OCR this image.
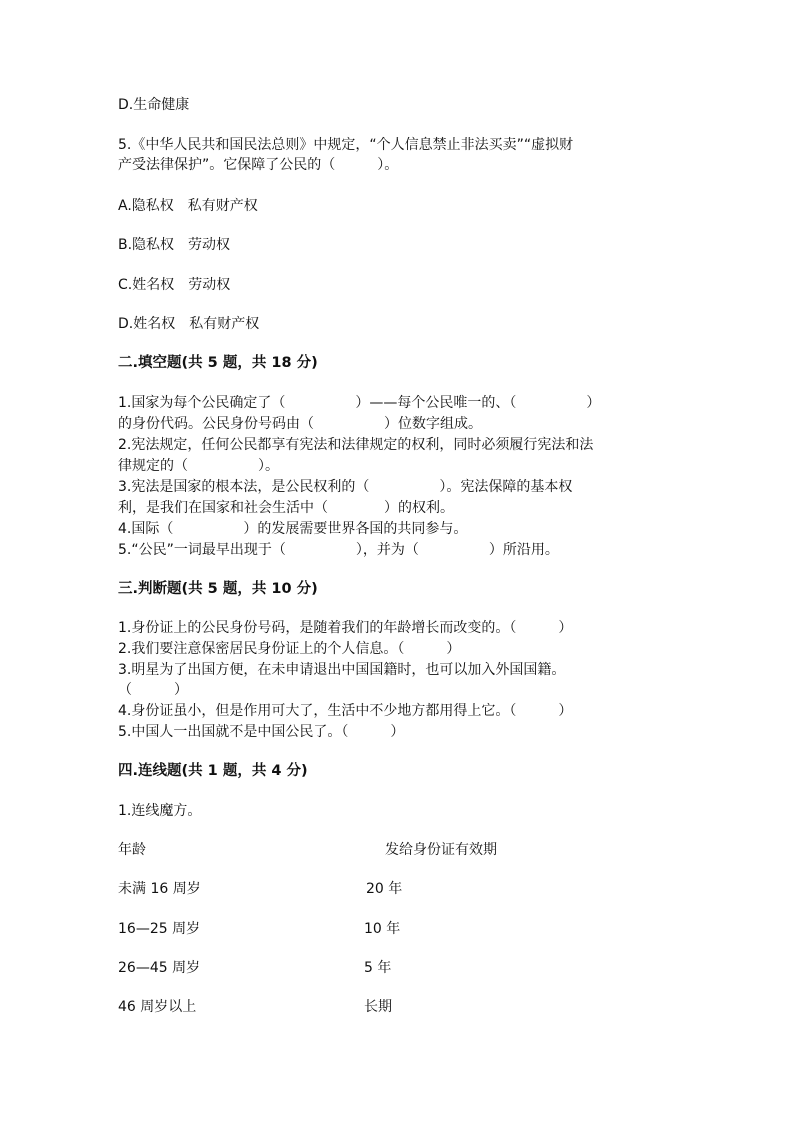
D.生命健康
5.《中华人民共和国民法总则》中规定，“个人信息禁止非法买卖”“虚拟财
产受法律保护”。它保障了公民的（　　　）。
A.隐私权　私有财产权
B.隐私权　劳动权
C.姓名权　劳动权
D.姓名权　私有财产权
二.填空题(共 5 题，共 18 分)
1.国家为每个公民确定了（　　　　　）——每个公民唯一的、（　　　　　）
的身份代码。公民身份号码由（　　　　　）位数字组成。
2.宪法规定，任何公民都享有宪法和法律规定的权利，同时必须履行宪法和法
律规定的（　　　　　）。
3.宪法是国家的根本法，是公民权利的（　　　　　）。宪法保障的基本权
利，是我们在国家和社会生活中（　　　　）的权利。
4.国际（　　　　　）的发展需要世界各国的共同参与。
5.“公民”一词最早出现于（　　　　　），并为（　　　　　）所沿用。
三.判断题(共 5 题，共 10 分)
1.身份证上的公民身份号码，是随着我们的年龄增长而改变的。（　　　）
2.我们要注意保密居民身份证上的个人信息。（　　　）
3.明星为了出国方便，在未申请退出中国国籍时，也可以加入外国国籍。
（　　　）
4.身份证虽小，但是作用可大了，生活中不少地方都用得上它。（　　　）
5.中国人一出国就不是中国公民了。（　　　）
四.连线题(共 1 题，共 4 分)
1.连线魔方。
年龄	发给身份证有效期
未满 16 周岁	20 年
16—25 周岁	10 年
26—45 周岁	5 年
46 周岁以上	长期
